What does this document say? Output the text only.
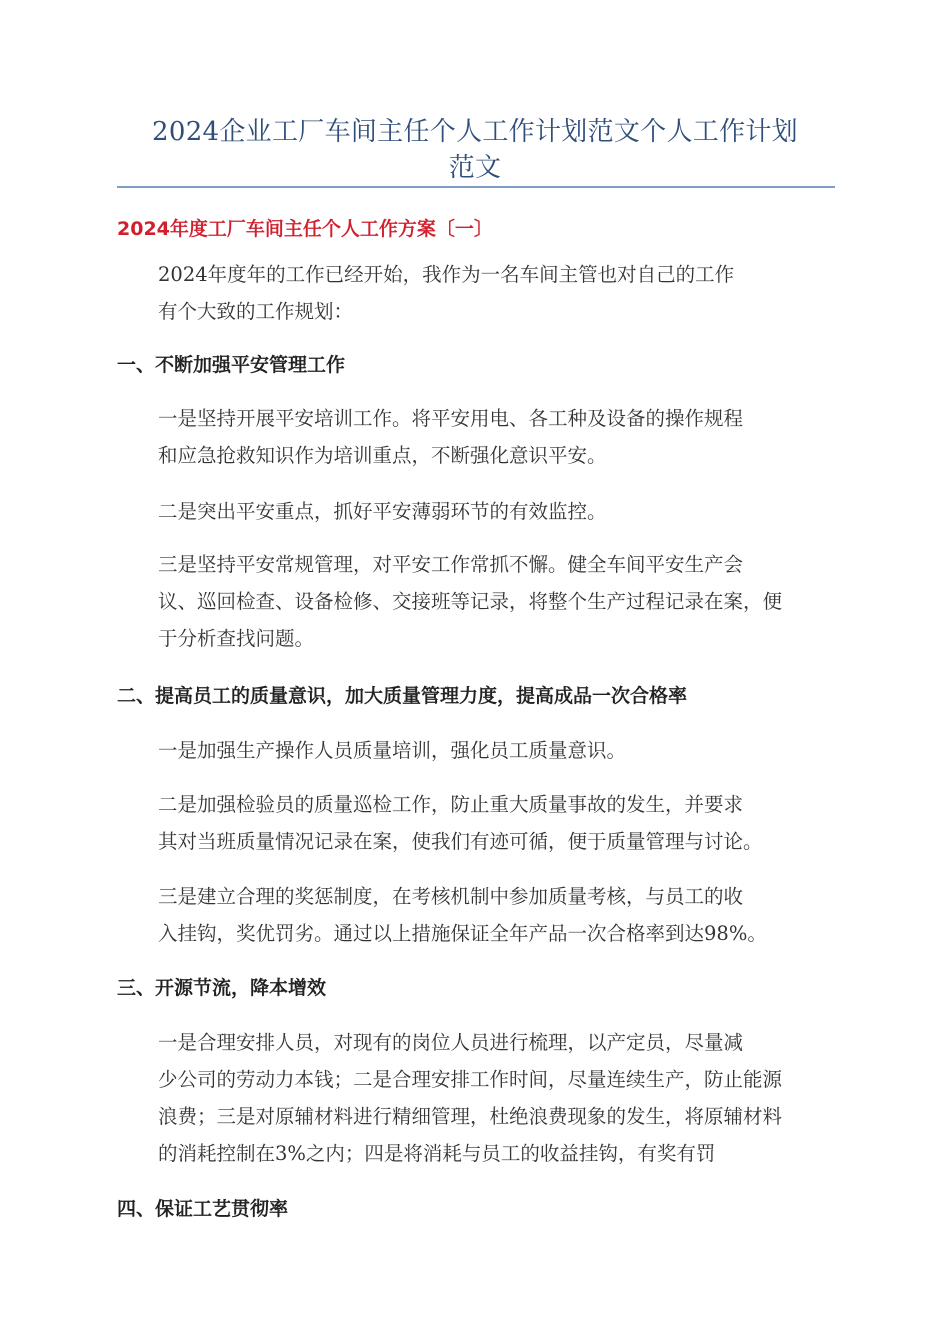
2024企业工厂车间主任个人工作计划范文个人工作计划
范文
2024年度工厂车间主任个人工作方案〔一〕

2024年度年的工作已经开始，我作为一名车间主管也对自己的工作
有个大致的工作规划：

一、不断加强平安管理工作

一是坚持开展平安培训工作。将平安用电、各工种及设备的操作规程
和应急抢救知识作为培训重点，不断强化意识平安。

二是突出平安重点，抓好平安薄弱环节的有效监控。

三是坚持平安常规管理，对平安工作常抓不懈。健全车间平安生产会
议、巡回检查、设备检修、交接班等记录，将整个生产过程记录在案，便
于分析查找问题。

二、提高员工的质量意识，加大质量管理力度，提高成品一次合格率

一是加强生产操作人员质量培训，强化员工质量意识。

二是加强检验员的质量巡检工作，防止重大质量事故的发生，并要求
其对当班质量情况记录在案，使我们有迹可循，便于质量管理与讨论。

三是建立合理的奖惩制度，在考核机制中参加质量考核，与员工的收
入挂钩，奖优罚劣。通过以上措施保证全年产品一次合格率到达98%。

三、开源节流，降本增效

一是合理安排人员，对现有的岗位人员进行梳理，以产定员，尽量减
少公司的劳动力本钱；二是合理安排工作时间，尽量连续生产，防止能源
浪费；三是对原辅材料进行精细管理，杜绝浪费现象的发生，将原辅材料
的消耗控制在3%之内；四是将消耗与员工的收益挂钩，有奖有罚

四、保证工艺贯彻率
